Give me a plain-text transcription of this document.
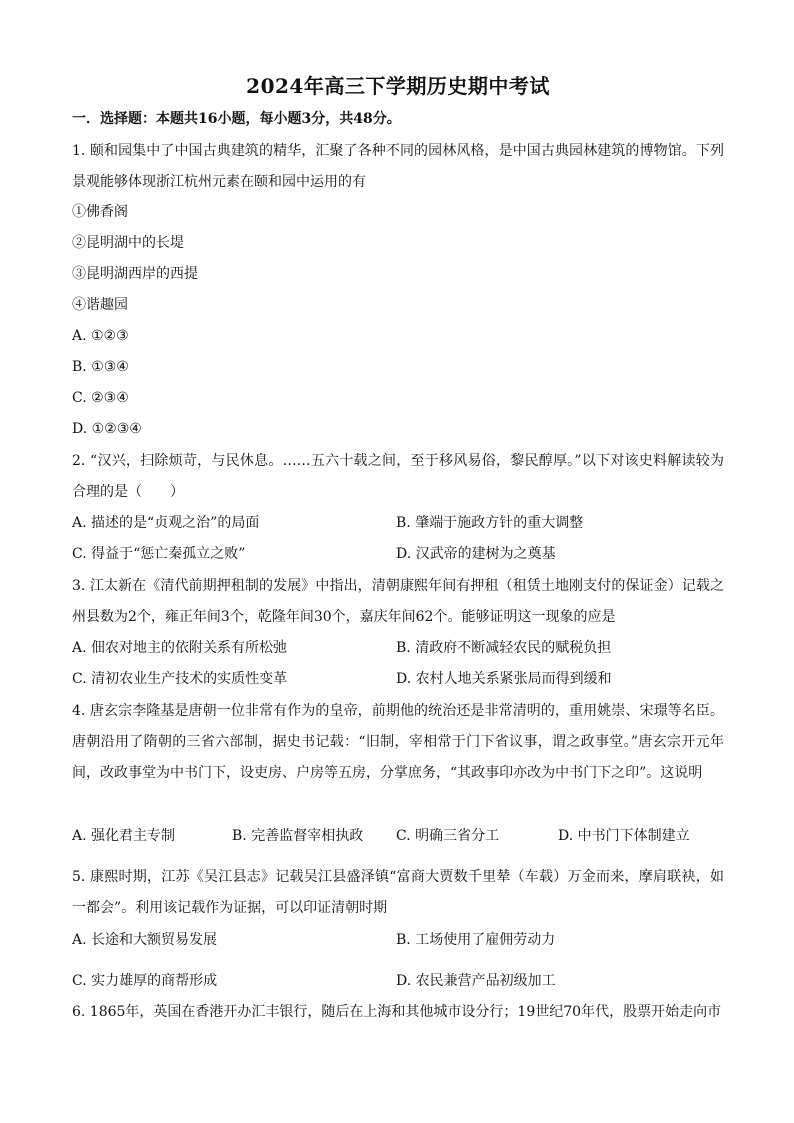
2024年高三下学期历史期中考试
一．选择题：本题共16小题，每小题3分，共48分。
1. 颐和园集中了中国古典建筑的精华，汇聚了各种不同的园林风格，是中国古典园林建筑的博物馆。下列景观能够体现浙江杭州元素在颐和园中运用的有
①佛香阁
②昆明湖中的长堤
③昆明湖西岸的西提
④谐趣园
A. ①②③
B. ①③④
C. ②③④
D. ①②③④
2. “汉兴，扫除烦苛，与民休息。……五六十载之间，至于移风易俗，黎民醇厚。”以下对该史料解读较为合理的是（　　）
A. 描述的是“贞观之治”的局面	B. 肇端于施政方针的重大调整
C. 得益于“惩亡秦孤立之败”	D. 汉武帝的建树为之奠基
3. 江太新在《清代前期押租制的发展》中指出，清朝康熙年间有押租（租赁土地刚支付的保证金）记载之州县数为2个，雍正年间3个，乾隆年间30个，嘉庆年间62个。能够证明这一现象的应是
A. 佃农对地主的依附关系有所松弛	B. 清政府不断减轻农民的赋税负担
C. 清初农业生产技术的实质性变革	D. 农村人地关系紧张局而得到缓和
4. 唐玄宗李隆基是唐朝一位非常有作为的皇帝，前期他的统治还是非常清明的，重用姚崇、宋璟等名臣。唐朝沿用了隋朝的三省六部制，据史书记载：“旧制，宰相常于门下省议事，谓之政事堂。”唐玄宗开元年间，改政事堂为中书门下，设吏房、户房等五房，分掌庶务，“其政事印亦改为中书门下之印”。这说明
A. 强化君主专制	B. 完善监督宰相执政 C. 明确三省分工	D. 中书门下体制建立
5. 康熙时期，江苏《吴江县志》记载吴江县盛泽镇“富商大贾数千里辇（车载）万金而来，摩肩联袂，如一都会”。利用该记载作为证据，可以印证清朝时期
A. 长途和大额贸易发展	B. 工场使用了雇佣劳动力
C. 实力雄厚的商帮形成	D. 农民兼营产品初级加工
6. 1865年，英国在香港开办汇丰银行，随后在上海和其他城市设分行；19世纪70年代，股票开始走向市
